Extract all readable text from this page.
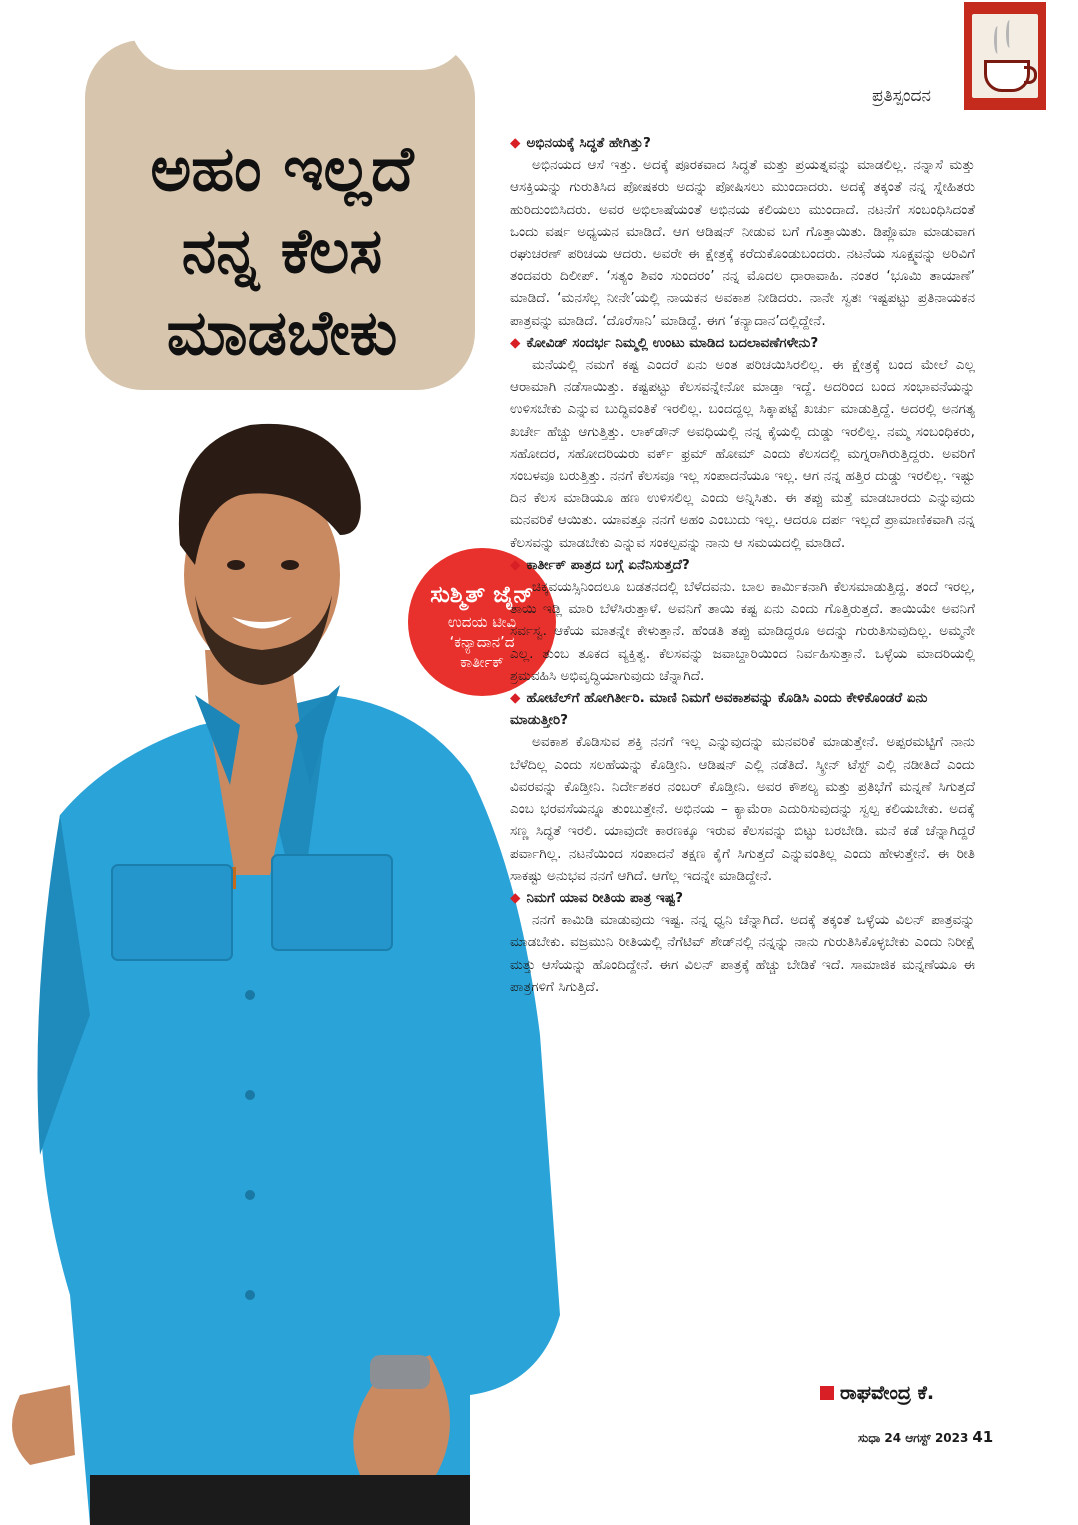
ಅಹಂ ಇಲ್ಲದೆ
ನನ್ನ ಕೆಲಸ
ಮಾಡಬೇಕು
ಪ್ರತಿಸ್ಪಂದನ
ಸುಶ್ಮಿತ್ ಜೈನ್
ಉದಯ ಟೀವಿ
‘ಕನ್ಯಾದಾನ’ದ
ಕಾರ್ತೀಕ್

◆ ಅಭಿನಯಕ್ಕೆ ಸಿದ್ಧತೆ ಹೇಗಿತ್ತು?

ಅಭಿನಯದ ಆಸೆ ಇತ್ತು. ಅದಕ್ಕೆ ಪೂರಕವಾದ ಸಿದ್ಧತೆ ಮತ್ತು ಪ್ರಯತ್ನವನ್ನು ಮಾಡಲಿಲ್ಲ. ನನ್ನಾಸೆ ಮತ್ತು ಆಸಕ್ತಿಯನ್ನು ಗುರುತಿಸಿದ ಪೋಷಕರು ಅದನ್ನು ಪೋಷಿಸಲು ಮುಂದಾದರು. ಅದಕ್ಕೆ ತಕ್ಕಂತೆ ನನ್ನ ಸ್ನೇಹಿತರು ಹುರಿದುಂಬಿಸಿದರು. ಅವರ ಅಭಿಲಾಷೆಯಂತೆ ಅಭಿನಯ ಕಲಿಯಲು ಮುಂದಾದೆ. ನಟನೆಗೆ ಸಂಬಂಧಿಸಿದಂತೆ ಒಂದು ವರ್ಷ ಅಧ್ಯಯನ ಮಾಡಿದೆ. ಆಗ ಆಡಿಷನ್ ನೀಡುವ ಬಗೆ ಗೊತ್ತಾಯಿತು. ಡಿಪ್ಲೊಮಾ ಮಾಡುವಾಗ ರಘುಚರಣ್ ಪರಿಚಯ ಆದರು. ಅವರೇ ಈ ಕ್ಷೇತ್ರಕ್ಕೆ ಕರೆದುಕೊಂಡುಬಂದರು. ನಟನೆಯ ಸೂಕ್ಷ್ಮವನ್ನು ಅರಿವಿಗೆ ತಂದವರು ದಿಲೀಪ್. ‘ಸತ್ಯಂ ಶಿವಂ ಸುಂದರಂ’ ನನ್ನ ಮೊದಲ ಧಾರಾವಾಹಿ. ನಂತರ ‘ಭೂಮಿ ತಾಯಾಣೆ’ ಮಾಡಿದೆ. ‘ಮನಸೆಲ್ಲ ನೀನೇ’ಯಲ್ಲಿ ನಾಯಕನ ಅವಕಾಶ ನೀಡಿದರು. ನಾನೇ ಸ್ವತಃ ಇಷ್ಟಪಟ್ಟು ಪ್ರತಿನಾಯಕನ ಪಾತ್ರವನ್ನು ಮಾಡಿದೆ. ‘ದೊರೆಸಾನಿ’ ಮಾಡಿದ್ದೆ. ಈಗ ‘ಕನ್ಯಾದಾನ’ದಲ್ಲಿದ್ದೇನೆ.

◆ ಕೋವಿಡ್ ಸಂದರ್ಭ ನಿಮ್ಮಲ್ಲಿ ಉಂಟು ಮಾಡಿದ ಬದಲಾವಣೆಗಳೇನು?

ಮನೆಯಲ್ಲಿ ನಮಗೆ ಕಷ್ಟ ಎಂದರೆ ಏನು ಅಂತ ಪರಿಚಯಿಸಿರಲಿಲ್ಲ. ಈ ಕ್ಷೇತ್ರಕ್ಕೆ ಬಂದ ಮೇಲೆ ಎಲ್ಲ ಆರಾಮಾಗಿ ನಡೆಸಾಯಿತ್ತು. ಕಷ್ಟಪಟ್ಟು ಕೆಲಸವನ್ನೇನೋ ಮಾಡ್ತಾ ಇದ್ದೆ. ಅದರಿಂದ ಬಂದ ಸಂಭಾವನೆಯನ್ನು ಉಳಿಸಬೇಕು ಎನ್ನುವ ಬುದ್ಧಿವಂತಿಕೆ ಇರಲಿಲ್ಲ. ಬಂದದ್ದಲ್ಲ ಸಿಕ್ಕಾಪಟ್ಟೆ ಖರ್ಚು ಮಾಡುತ್ತಿದ್ದೆ. ಅದರಲ್ಲಿ ಅನಗತ್ಯ ಖರ್ಚೇ ಹೆಚ್ಚು ಆಗುತ್ತಿತ್ತು. ಲಾಕ್‌ಡೌನ್ ಅವಧಿಯಲ್ಲಿ ನನ್ನ ಕೈಯಲ್ಲಿ ದುಡ್ಡು ಇರಲಿಲ್ಲ. ನಮ್ಮ ಸಂಬಂಧಿಕರು, ಸಹೋದರ, ಸಹೋದರಿಯರು ವರ್ಕ್ ಫ್ರಮ್ ಹೋಮ್ ಎಂದು ಕೆಲಸದಲ್ಲಿ ಮಗ್ನರಾಗಿರುತ್ತಿದ್ದರು. ಅವರಿಗೆ ಸಂಬಳವೂ ಬರುತ್ತಿತ್ತು. ನನಗೆ ಕೆಲಸವೂ ಇಲ್ಲ ಸಂಪಾದನೆಯೂ ಇಲ್ಲ. ಆಗ ನನ್ನ ಹತ್ತಿರ ದುಡ್ಡು ಇರಲಿಲ್ಲ. ಇಷ್ಟು ದಿನ ಕೆಲಸ ಮಾಡಿಯೂ ಹಣ ಉಳಿಸಲಿಲ್ಲ ಎಂದು ಅನ್ನಿಸಿತು. ಈ ತಪ್ಪು ಮತ್ತೆ ಮಾಡಬಾರದು ಎನ್ನುವುದು ಮನವರಿಕೆ ಆಯಿತು. ಯಾವತ್ತೂ ನನಗೆ ಅಹಂ ಎಂಬುದು ಇಲ್ಲ. ಆದರೂ ದರ್ಪ ಇಲ್ಲದೆ ಪ್ರಾಮಾಣಿಕವಾಗಿ ನನ್ನ ಕೆಲಸವನ್ನು ಮಾಡಬೇಕು ಎನ್ನುವ ಸಂಕಲ್ಪವನ್ನು ನಾನು ಆ ಸಮಯದಲ್ಲಿ ಮಾಡಿದೆ.

◆ ಕಾರ್ತೀಕ್ ಪಾತ್ರದ ಬಗ್ಗೆ ಏನೆನಿಸುತ್ತದೆ?

ಚಿಕ್ಕವಯಸ್ಸಿನಿಂದಲೂ ಬಡತನದಲ್ಲಿ ಬೆಳೆದವನು. ಬಾಲ ಕಾರ್ಮಿಕನಾಗಿ ಕೆಲಸಮಾಡುತ್ತಿದ್ದ. ತಂದೆ ಇರಲ್ಲ, ತಾಯಿ ಇಡ್ಲಿ ಮಾರಿ ಬೆಳೆಸಿರುತ್ತಾಳೆ. ಅವನಿಗೆ ತಾಯಿ ಕಷ್ಟ ಏನು ಎಂದು ಗೊತ್ತಿರುತ್ತದೆ. ತಾಯಿಯೇ ಅವನಿಗೆ ಸರ್ವಸ್ವ. ಆಕೆಯ ಮಾತನ್ನೇ ಕೇಳುತ್ತಾನೆ. ಹೆಂಡತಿ ತಪ್ಪು ಮಾಡಿದ್ದರೂ ಅದನ್ನು ಗುರುತಿಸುವುದಿಲ್ಲ. ಅಮ್ಮನೇ ಎಲ್ಲ. ತುಂಬ ತೂಕದ ವ್ಯಕ್ತಿತ್ವ. ಕೆಲಸವನ್ನು ಜವಾಬ್ದಾರಿಯಿಂದ ನಿರ್ವಹಿಸುತ್ತಾನೆ. ಒಳ್ಳೆಯ ಮಾದರಿಯಲ್ಲಿ ಶ್ರಮವಹಿಸಿ ಅಭಿವೃದ್ಧಿಯಾಗುವುದು ಚೆನ್ನಾಗಿದೆ.

◆ ಹೋಟೆಲ್‌ಗೆ ಹೋಗಿರ್ತೀರಿ. ಮಾಣಿ ನಿಮಗೆ ಅವಕಾಶವನ್ನು ಕೊಡಿಸಿ ಎಂದು ಕೇಳಿಕೊಂಡರೆ ಏನು ಮಾಡುತ್ತೀರಿ?

ಅವಕಾಶ ಕೊಡಿಸುವ ಶಕ್ತಿ ನನಗೆ ಇಲ್ಲ ಎನ್ನುವುದನ್ನು ಮನವರಿಕೆ ಮಾಡುತ್ತೇನೆ. ಅಪ್ಪರಮಟ್ಟಿಗೆ ನಾನು ಬೆಳೆದಿಲ್ಲ ಎಂದು ಸಲಹೆಯನ್ನು ಕೊಡ್ತೀನಿ. ಆಡಿಷನ್ ಎಲ್ಲಿ ನಡೆತಿದೆ. ಸ್ಕ್ರೀನ್ ಟೆಸ್ಟ್ ಎಲ್ಲಿ ನಡೀತಿದೆ ಎಂದು ವಿವರವನ್ನು ಕೊಡ್ತೀನಿ. ನಿರ್ದೇಶಕರ ನಂಬರ್ ಕೊಡ್ತೀನಿ. ಅವರ ಕೌಶಲ್ಯ ಮತ್ತು ಪ್ರತಿಭೆಗೆ ಮನ್ನಣೆ ಸಿಗುತ್ತದೆ ಎಂಬ ಭರವಸೆಯನ್ನೂ ತುಂಬುತ್ತೇನೆ. ಅಭಿನಯ – ಕ್ಯಾಮೆರಾ ಎದುರಿಸುವುದನ್ನು ಸ್ವಲ್ಪ ಕಲಿಯಬೇಕು. ಅದಕ್ಕೆ ಸಣ್ಣ ಸಿದ್ಧತೆ ಇರಲಿ. ಯಾವುದೇ ಕಾರಣಕ್ಕೂ ಇರುವ ಕೆಲಸವನ್ನು ಬಿಟ್ಟು ಬರಬೇಡಿ. ಮನೆ ಕಡೆ ಚೆನ್ನಾಗಿದ್ದರೆ ಪರ್ವಾಗಿಲ್ಲ. ನಟನೆಯಿಂದ ಸಂಪಾದನೆ ತಕ್ಷಣ ಕೈಗೆ ಸಿಗುತ್ತದೆ ಎನ್ನುವಂತಿಲ್ಲ ಎಂದು ಹೇಳುತ್ತೇನೆ. ಈ ರೀತಿ ಸಾಕಷ್ಟು ಅನುಭವ ನನಗೆ ಆಗಿದೆ. ಆಗೆಲ್ಲ ಇದನ್ನೇ ಮಾಡಿದ್ದೇನೆ.

◆ ನಿಮಗೆ ಯಾವ ರೀತಿಯ ಪಾತ್ರ ಇಷ್ಟ?

ನನಗೆ ಕಾಮಿಡಿ ಮಾಡುವುದು ಇಷ್ಟ. ನನ್ನ ಧ್ವನಿ ಚೆನ್ನಾಗಿದೆ. ಅದಕ್ಕೆ ತಕ್ಕಂತೆ ಒಳ್ಳೆಯ ವಿಲನ್ ಪಾತ್ರವನ್ನು ಮಾಡಬೇಕು. ವಜ್ರಮುನಿ ರೀತಿಯಲ್ಲಿ ನೆಗೆಟಿವ್ ಶೇಡ್‌ನಲ್ಲಿ ನನ್ನನ್ನು ನಾನು ಗುರುತಿಸಿಕೊಳ್ಳಬೇಕು ಎಂದು ನಿರೀಕ್ಷೆ ಮತ್ತು ಆಸೆಯನ್ನು ಹೊಂದಿದ್ದೇನೆ. ಈಗ ವಿಲನ್ ಪಾತ್ರಕ್ಕೆ ಹೆಚ್ಚು ಬೇಡಿಕೆ ಇದೆ. ಸಾಮಾಜಿಕ ಮನ್ನಣೆಯೂ ಈ ಪಾತ್ರಗಳಿಗೆ ಸಿಗುತ್ತಿದೆ.

ರಾಘವೇಂದ್ರ ಕೆ.
ಸುಧಾ 24 ಆಗಸ್ಟ್ 2023 41
